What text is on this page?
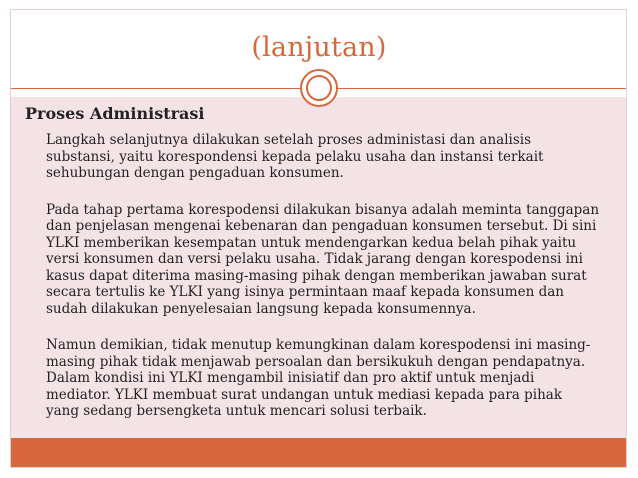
(lanjutan)
Proses Administrasi

Langkah selanjutnya dilakukan setelah proses administasi dan analisis
substansi, yaitu korespondensi kepada pelaku usaha dan instansi terkait
sehubungan dengan pengaduan konsumen.

Pada tahap pertama korespodensi dilakukan bisanya adalah meminta tanggapan
dan penjelasan mengenai kebenaran dan pengaduan konsumen tersebut. Di sini
YLKI memberikan kesempatan untuk mendengarkan kedua belah pihak yaitu
versi konsumen dan versi pelaku usaha. Tidak jarang dengan korespodensi ini
kasus dapat diterima masing-masing pihak dengan memberikan jawaban surat
secara tertulis ke YLKI yang isinya permintaan maaf kepada konsumen dan
sudah dilakukan penyelesaian langsung kepada konsumennya.

Namun demikian, tidak menutup kemungkinan dalam korespodensi ini masing-
masing pihak tidak menjawab persoalan dan bersikukuh dengan pendapatnya.
Dalam kondisi ini YLKI mengambil inisiatif dan pro aktif untuk menjadi
mediator. YLKI membuat surat undangan untuk mediasi kepada para pihak
yang sedang bersengketa untuk mencari solusi terbaik.
